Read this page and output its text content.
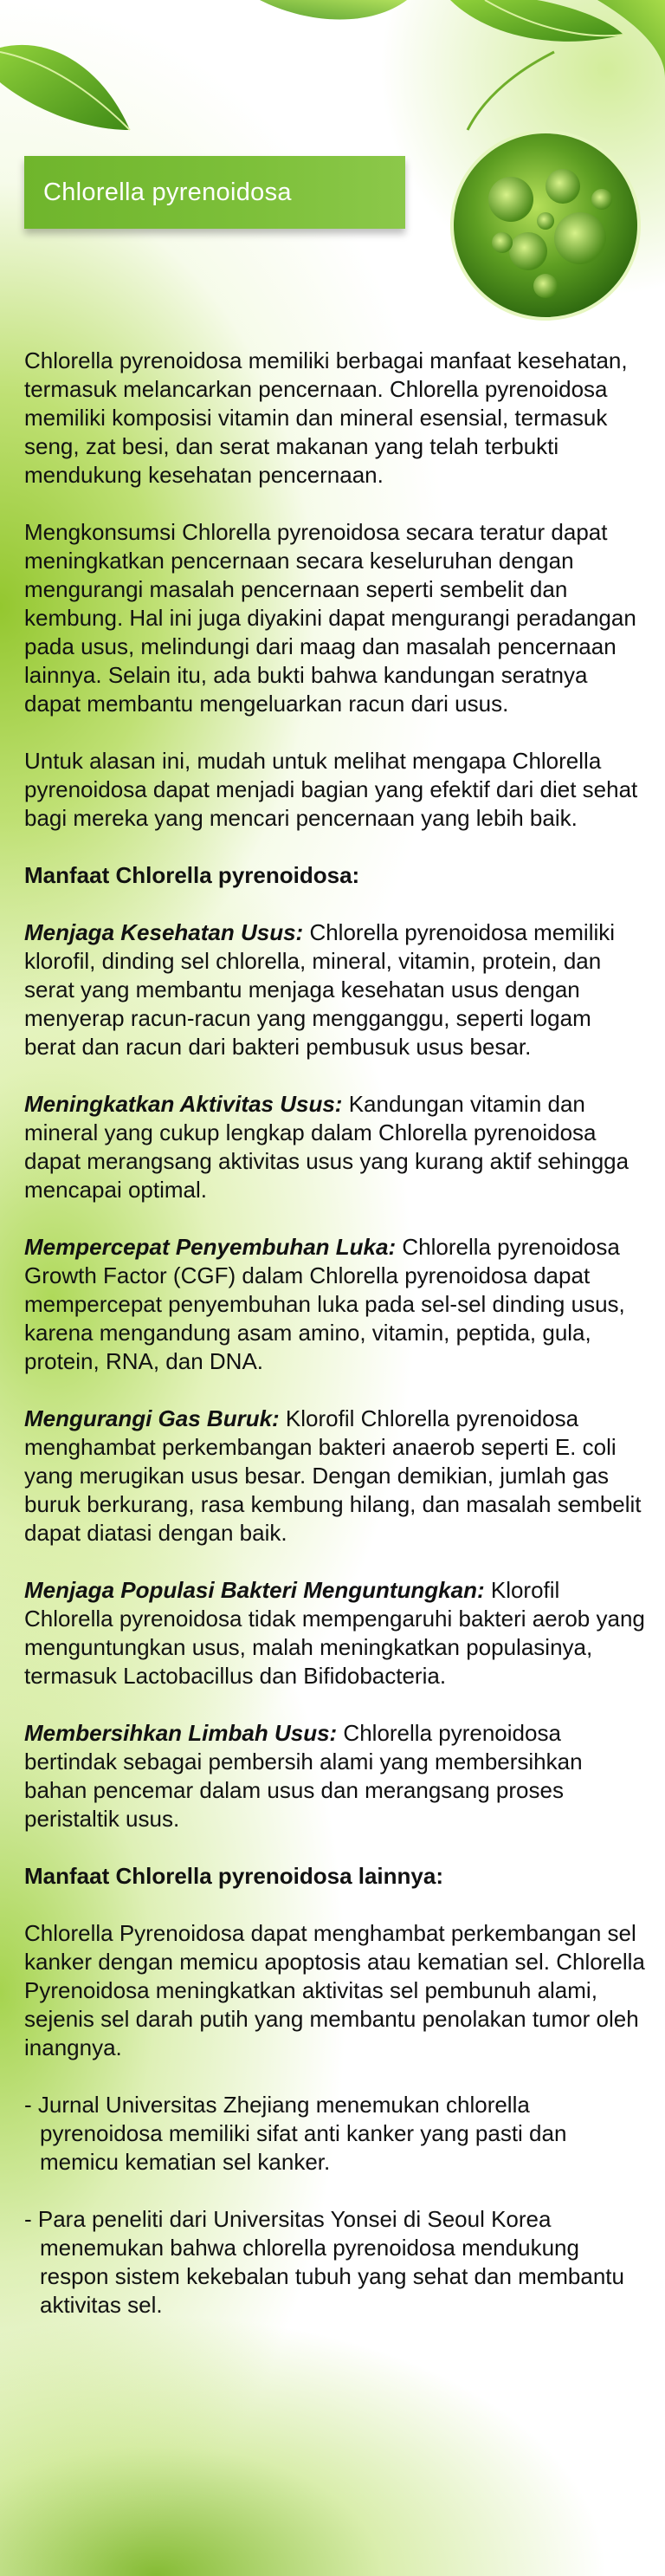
Chlorella pyrenoidosa

Chlorella pyrenoidosa memiliki berbagai manfaat kesehatan, termasuk melancarkan pencernaan. Chlorella pyrenoidosa memiliki komposisi vitamin dan mineral esensial, termasuk seng, zat besi, dan serat makanan yang telah terbukti mendukung kesehatan pencernaan.

Mengkonsumsi Chlorella pyrenoidosa secara teratur dapat meningkatkan pencernaan secara keseluruhan dengan mengurangi masalah pencernaan seperti sembelit dan kembung. Hal ini juga diyakini dapat mengurangi peradangan pada usus, melindungi dari maag dan masalah pencernaan lainnya. Selain itu, ada bukti bahwa kandungan seratnya dapat membantu mengeluarkan racun dari usus.

Untuk alasan ini, mudah untuk melihat mengapa Chlorella pyrenoidosa dapat menjadi bagian yang efektif dari diet sehat bagi mereka yang mencari pencernaan yang lebih baik.

Manfaat Chlorella pyrenoidosa:

Menjaga Kesehatan Usus: Chlorella pyrenoidosa memiliki klorofil, dinding sel chlorella, mineral, vitamin, protein, dan serat yang membantu menjaga kesehatan usus dengan menyerap racun-racun yang mengganggu, seperti logam berat dan racun dari bakteri pembusuk usus besar.

Meningkatkan Aktivitas Usus: Kandungan vitamin dan mineral yang cukup lengkap dalam Chlorella pyrenoidosa dapat merangsang aktivitas usus yang kurang aktif sehingga mencapai optimal.

Mempercepat Penyembuhan Luka: Chlorella pyrenoidosa Growth Factor (CGF) dalam Chlorella pyrenoidosa dapat mempercepat penyembuhan luka pada sel-sel dinding usus, karena mengandung asam amino, vitamin, peptida, gula, protein, RNA, dan DNA.

Mengurangi Gas Buruk: Klorofil Chlorella pyrenoidosa menghambat perkembangan bakteri anaerob seperti E. coli yang merugikan usus besar. Dengan demikian, jumlah gas buruk berkurang, rasa kembung hilang, dan masalah sembelit dapat diatasi dengan baik.

Menjaga Populasi Bakteri Menguntungkan: Klorofil Chlorella pyrenoidosa tidak mempengaruhi bakteri aerob yang menguntungkan usus, malah meningkatkan populasinya, termasuk Lactobacillus dan Bifidobacteria.

Membersihkan Limbah Usus: Chlorella pyrenoidosa bertindak sebagai pembersih alami yang membersihkan bahan pencemar dalam usus dan merangsang proses peristaltik usus.

Manfaat Chlorella pyrenoidosa lainnya:

Chlorella Pyrenoidosa dapat menghambat perkembangan sel kanker dengan memicu apoptosis atau kematian sel. Chlorella Pyrenoidosa meningkatkan aktivitas sel pembunuh alami, sejenis sel darah putih yang membantu penolakan tumor oleh inangnya.

- Jurnal Universitas Zhejiang menemukan chlorella pyrenoidosa memiliki sifat anti kanker yang pasti dan memicu kematian sel kanker.

- Para peneliti dari Universitas Yonsei di Seoul Korea menemukan bahwa chlorella pyrenoidosa mendukung respon sistem kekebalan tubuh yang sehat dan membantu aktivitas sel.
